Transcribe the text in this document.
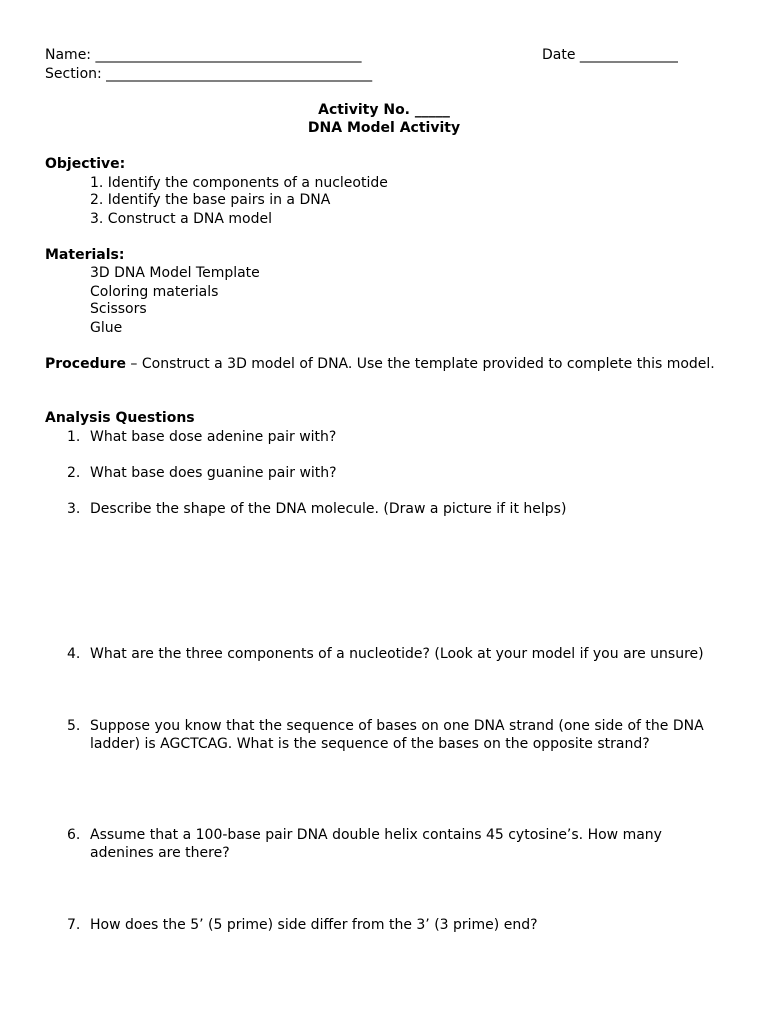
Name: ______________________________________	Date ______________
Section: ______________________________________
Activity No. _____
DNA Model Activity
Objective:
1. Identify the components of a nucleotide
2. Identify the base pairs in a DNA
3. Construct a DNA model
Materials:
3D DNA Model Template
Coloring materials
Scissors
Glue
Procedure – Construct a 3D model of DNA. Use the template provided to complete this model.
Analysis Questions
1. What base dose adenine pair with?
2. What base does guanine pair with?
3. Describe the shape of the DNA molecule. (Draw a picture if it helps)
4. What are the three components of a nucleotide? (Look at your model if you are unsure)
5. Suppose you know that the sequence of bases on one DNA strand (one side of the DNA ladder) is AGCTCAG. What is the sequence of the bases on the opposite strand?
6. Assume that a 100-base pair DNA double helix contains 45 cytosine’s. How many adenines are there?
7. How does the 5’ (5 prime) side differ from the 3’ (3 prime) end?
